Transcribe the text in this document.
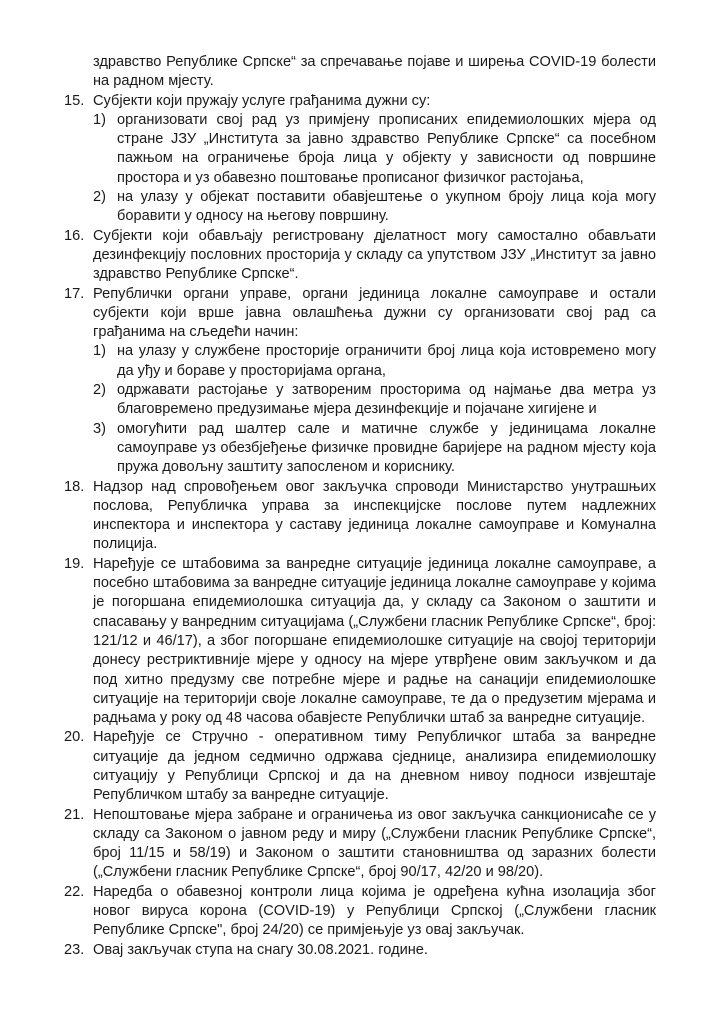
здравство Републике Српске“ за спречавање појаве и ширења COVID-19 болести на радном мјесту.

15. Субјекти који пружају услуге грађанима дужни су:
1) организовати свој рад уз примјену прописаних епидемиолошких мјера од стране ЈЗУ „Института за јавно здравство Републике Српске“ са посебном пажњом на ограничење броја лица у објекту у зависности од површине простора и уз обавезно поштовање прописаног физичког растојања,
2) на улазу у објекат поставити обавјештење о укупном броју лица која могу боравити у односу на његову површину.
16. Субјекти који обављају регистровану дјелатност могу самостално обављати дезинфекцију пословних просторија у складу са упутством ЈЗУ „Институт за јавно здравство Републике Српске“.
17. Републички органи управе, органи јединица локалне самоуправе и остали субјекти који врше јавна овлашћења дужни су организовати свој рад са грађанима на сљедећи начин:
1) на улазу у службене просторије ограничити број лица која истовремено могу да уђу и бораве у просторијама органа,
2) одржавати растојање у затвореним просторима од најмање два метра уз благовремено предузимање мјера дезинфекције и појачане хигијене и
3) омогућити рад шалтер сале и матичне службе у јединицама локалне самоуправе уз обезбјеђење физичке провидне баријере на радном мјесту која пружа довољну заштиту запосленом и кориснику.
18. Надзор над спровођењем овог закључка спроводи Министарство унутрашњих послова, Републичка управа за инспекцијске послове путем надлежних инспектора и инспектора у саставу јединица локалне самоуправе и Комунална полиција.
19. Наређује се штабовима за ванредне ситуације јединица локалне самоуправе, а посебно штабовима за ванредне ситуације јединица локалне самоуправе у којима је погоршана епидемиолошка ситуација да, у складу са Законом о заштити и спасавању у ванредним ситуацијама („Службени гласник Републике Српске“, број: 121/12 и 46/17), а због погоршане епидемиолошке ситуације на својој територији донесу рестриктивније мјере у односу на мјере утврђене овим закључком и да под хитно предузму све потребне мјере и радње на санацији епидемиолошке ситуације на територији своје локалне самоуправе, те да о предузетим мјерама и радњама у року од 48 часова обавјесте Републички штаб за ванредне ситуације.
20. Наређује се Стручно - оперативном тиму Републичког штаба за ванредне ситуације да једном седмично одржава сједнице, анализира епидемиолошку ситуацију у Републици Српској и да на дневном нивоу подноси извјештаје Републичком штабу за ванредне ситуације.
21. Непоштовање мјера забране и ограничења из овог закључка санкционисаће се у складу са Законом о јавном реду и миру („Службени гласник Републике Српске“, број 11/15 и 58/19) и Законом о заштити становништва од заразних болести („Службени гласник Републике Српске“, број 90/17, 42/20 и 98/20).
22. Наредба о обавезној контроли лица којима је одређена кућна изолација због новог вируса корона (COVID-19) у Републици Српској („Службени гласник Републике Српске", број 24/20) се примјењује уз овај закључак.
23. Овај закључак ступа на снагу 30.08.2021. године.
